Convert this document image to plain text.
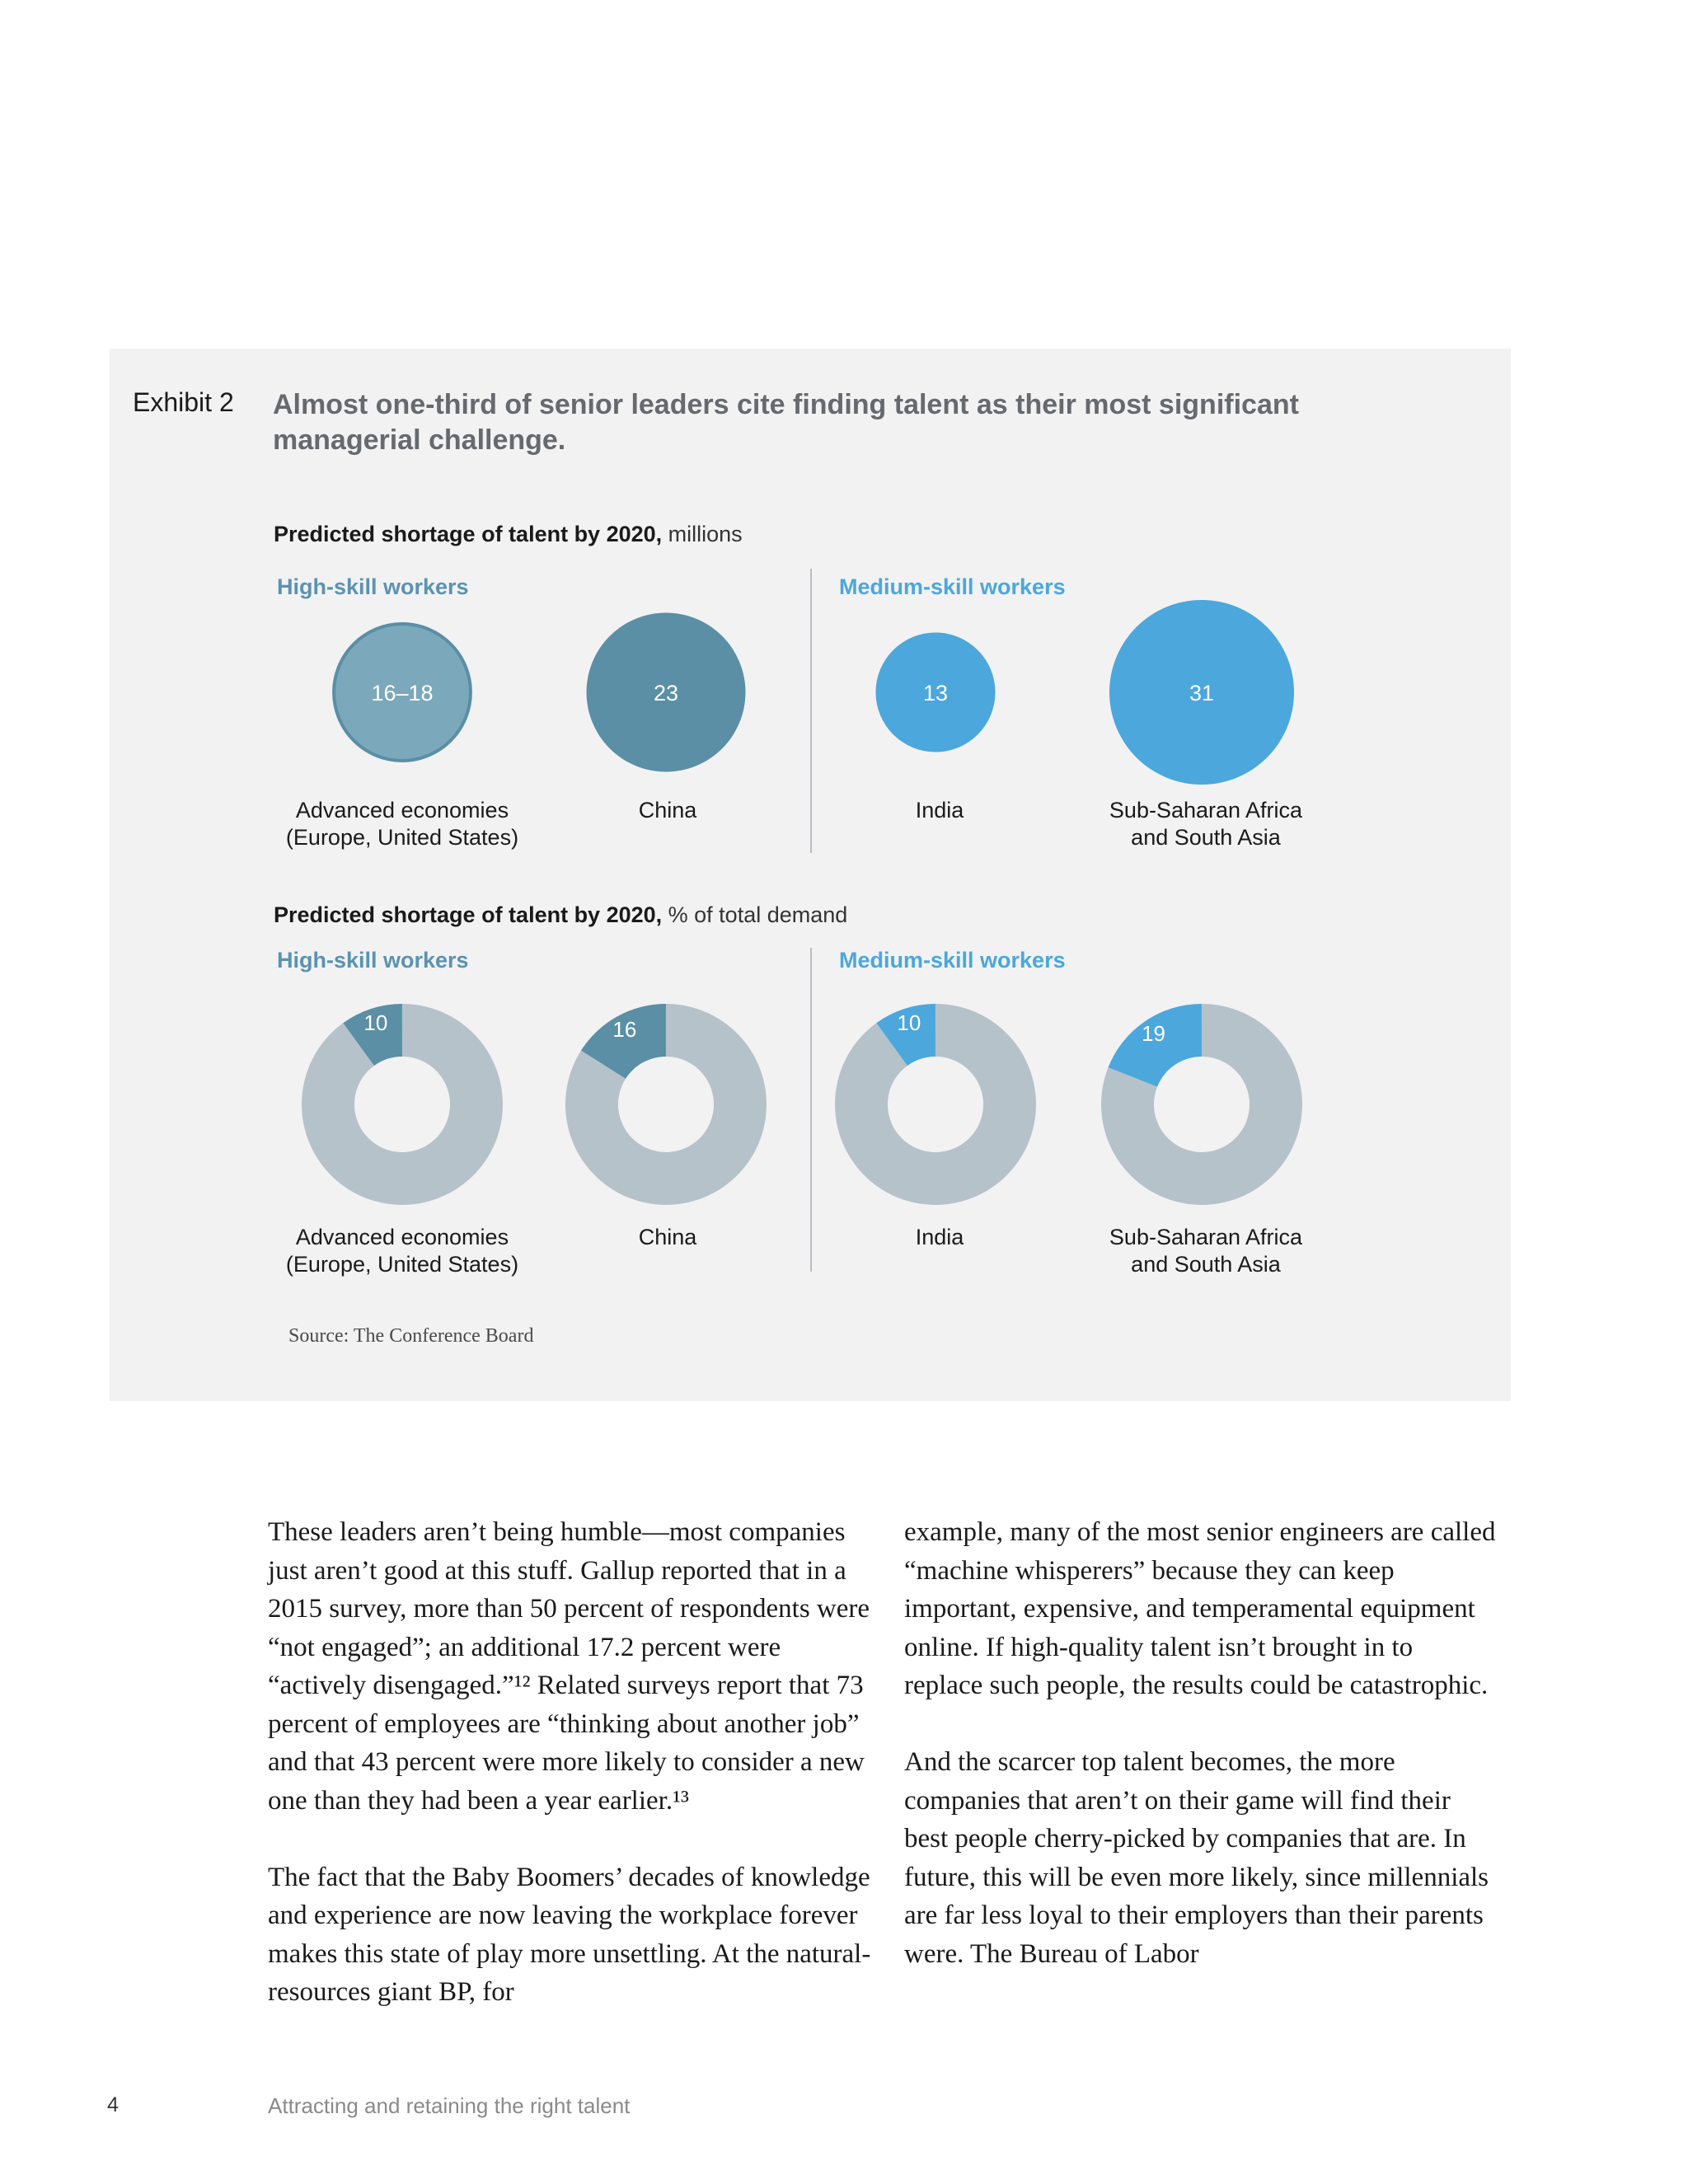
Exhibit 2 Almost one-third of senior leaders cite finding talent as their most significant managerial challenge.
Predicted shortage of talent by 2020, millions
High-skill workers	Medium-skill workers
Advanced economies
(Europe, United States)
China	India	Sub-Saharan Africa
and South Asia
Predicted shortage of talent by 2020, % of total demand
High-skill workers	Medium-skill workers
Advanced economies
(Europe, United States)
China	India	Sub-Saharan Africa
and South Asia
Source: The Conference Board
16–18	23	13	31
10	16	10	19

These leaders aren’t being humble—most companies just aren’t good at this stuff. Gallup reported that in a 2015 survey, more than 50 percent of respondents were “not engaged”; an additional 17.2 percent were “actively disengaged.”¹² Related surveys report that 73 percent of employees are “thinking about another job” and that 43 percent were more likely to consider a new one than they had been a year earlier.¹³

The fact that the Baby Boomers’ decades of knowledge and experience are now leaving the workplace forever makes this state of play more unsettling. At the natural-resources giant BP, for

example, many of the most senior engineers are called “machine whisperers” because they can keep important, expensive, and temperamental equipment online. If high-quality talent isn’t brought in to replace such people, the results could be catastrophic.

And the scarcer top talent becomes, the more companies that aren’t on their game will find their best people cherry-picked by companies that are. In future, this will be even more likely, since millennials are far less loyal to their employers than their parents were. The Bureau of Labor

4	Attracting and retaining the right talent
